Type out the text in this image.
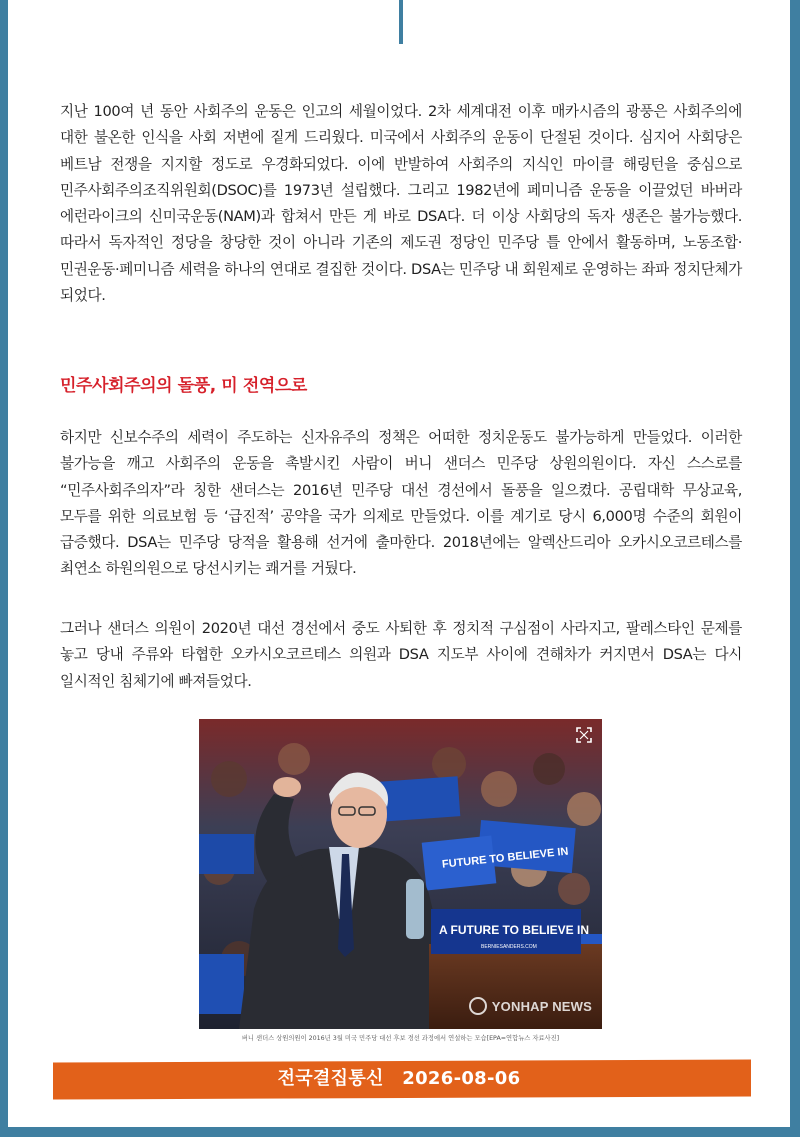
지난 100여 년 동안 사회주의 운동은 인고의 세월이었다. 2차 세계대전 이후 매카시즘의 광풍은 사회주의에 대한 불온한 인식을 사회 저변에 짙게 드리웠다. 미국에서 사회주의 운동이 단절된 것이다. 심지어 사회당은 베트남 전쟁을 지지할 정도로 우경화되었다. 이에 반발하여 사회주의 지식인 마이클 해링턴을 중심으로 민주사회주의조직위원회(DSOC)를 1973년 설립했다. 그리고 1982년에 페미니즘 운동을 이끌었던 바버라 에런라이크의 신미국운동(NAM)과 합쳐서 만든 게 바로 DSA다. 더 이상 사회당의 독자 생존은 불가능했다. 따라서 독자적인 정당을 창당한 것이 아니라 기존의 제도권 정당인 민주당 틀 안에서 활동하며, 노동조합·민권운동·페미니즘 세력을 하나의 연대로 결집한 것이다. DSA는 민주당 내 회원제로 운영하는 좌파 정치단체가 되었다.

민주사회주의의 돌풍, 미 전역으로

하지만 신보수주의 세력이 주도하는 신자유주의 정책은 어떠한 정치운동도 불가능하게 만들었다. 이러한 불가능을 깨고 사회주의 운동을 촉발시킨 사람이 버니 샌더스 민주당 상원의원이다. 자신 스스로를 “민주사회주의자”라 칭한 샌더스는 2016년 민주당 대선 경선에서 돌풍을 일으켰다. 공립대학 무상교육, 모두를 위한 의료보험 등 ‘급진적’ 공약을 국가 의제로 만들었다. 이를 계기로 당시 6,000명 수준의 회원이 급증했다. DSA는 민주당 당적을 활용해 선거에 출마한다. 2018년에는 알렉산드리아 오카시오코르테스를 최연소 하원의원으로 당선시키는 쾌거를 거뒀다.

그러나 샌더스 의원이 2020년 대선 경선에서 중도 사퇴한 후 정치적 구심점이 사라지고, 팔레스타인 문제를 놓고 당내 주류와 타협한 오카시오코르테스 의원과 DSA 지도부 사이에 견해차가 커지면서 DSA는 다시 일시적인 침체기에 빠져들었다.

FUTURE TO BELIEVE IN
A FUTURE TO BELIEVE IN
BERNIESANDERS.COM
YONHAP NEWS

버니 샌더스 상원의원이 2016년 3월 미국 민주당 대선 후보 경선 과정에서 연설하는 모습[EPA=연합뉴스 자료사진]

전국결집통신 2026-08-06
